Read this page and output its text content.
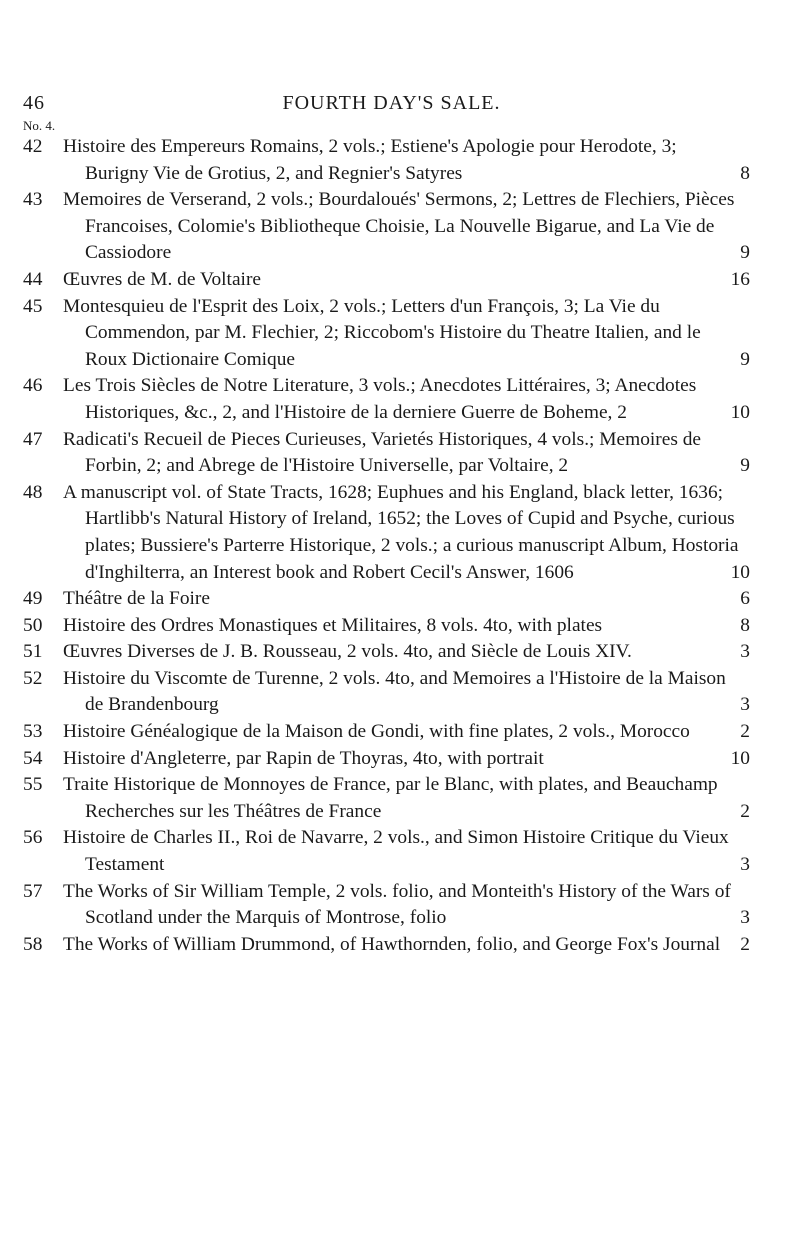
46	FOURTH DAY'S SALE.
No. 4.
42	Histoire des Empereurs Romains, 2 vols.; Estiene's Apologie pour Herodote, 3; Burigny Vie de Grotius, 2, and Regnier's Satyres	8
43	Memoires de Verserand, 2 vols.; Bourdaloués' Sermons, 2; Lettres de Flechiers, Pièces Francoises, Colomie's Bibliotheque Choisie, La Nouvelle Bigarue, and La Vie de Cassiodore	9
44	Œuvres de M. de Voltaire	16
45	Montesquieu de l'Esprit des Loix, 2 vols.; Letters d'un François, 3; La Vie du Commendon, par M. Flechier, 2; Riccobom's Histoire du Theatre Italien, and le Roux Dictionaire Comique	9
46	Les Trois Siècles de Notre Literature, 3 vols.; Anecdotes Littéraires, 3; Anecdotes Historiques, &c., 2, and l'Histoire de la derniere Guerre de Boheme, 2	10
47	Radicati's Recueil de Pieces Curieuses, Varietés Historiques, 4 vols.; Memoires de Forbin, 2; and Abrege de l'Histoire Universelle, par Voltaire, 2	9
48	A manuscript vol. of State Tracts, 1628; Euphues and his England, black letter, 1636; Hartlibb's Natural History of Ireland, 1652; the Loves of Cupid and Psyche, curious plates; Bussiere's Parterre Historique, 2 vols.; a curious manuscript Album, Hostoria d'Inghilterra, an Interest book and Robert Cecil's Answer, 1606	10
49	Théâtre de la Foire	6
50	Histoire des Ordres Monastiques et Militaires, 8 vols. 4to, with plates	8
51	Œuvres Diverses de J. B. Rousseau, 2 vols. 4to, and Siècle de Louis XIV.	3
52	Histoire du Viscomte de Turenne, 2 vols. 4to, and Memoires a l'Histoire de la Maison de Brandenbourg	3
53	Histoire Généalogique de la Maison de Gondi, with fine plates, 2 vols., Morocco	2
54	Histoire d'Angleterre, par Rapin de Thoyras, 4to, with portrait	10
55	Traite Historique de Monnoyes de France, par le Blanc, with plates, and Beauchamp Recherches sur les Théâtres de France	2
56	Histoire de Charles II., Roi de Navarre, 2 vols., and Simon Histoire Critique du Vieux Testament	3
57	The Works of Sir William Temple, 2 vols. folio, and Monteith's History of the Wars of Scotland under the Marquis of Montrose, folio	3
58	The Works of William Drummond, of Hawthornden, folio, and George Fox's Journal	2
